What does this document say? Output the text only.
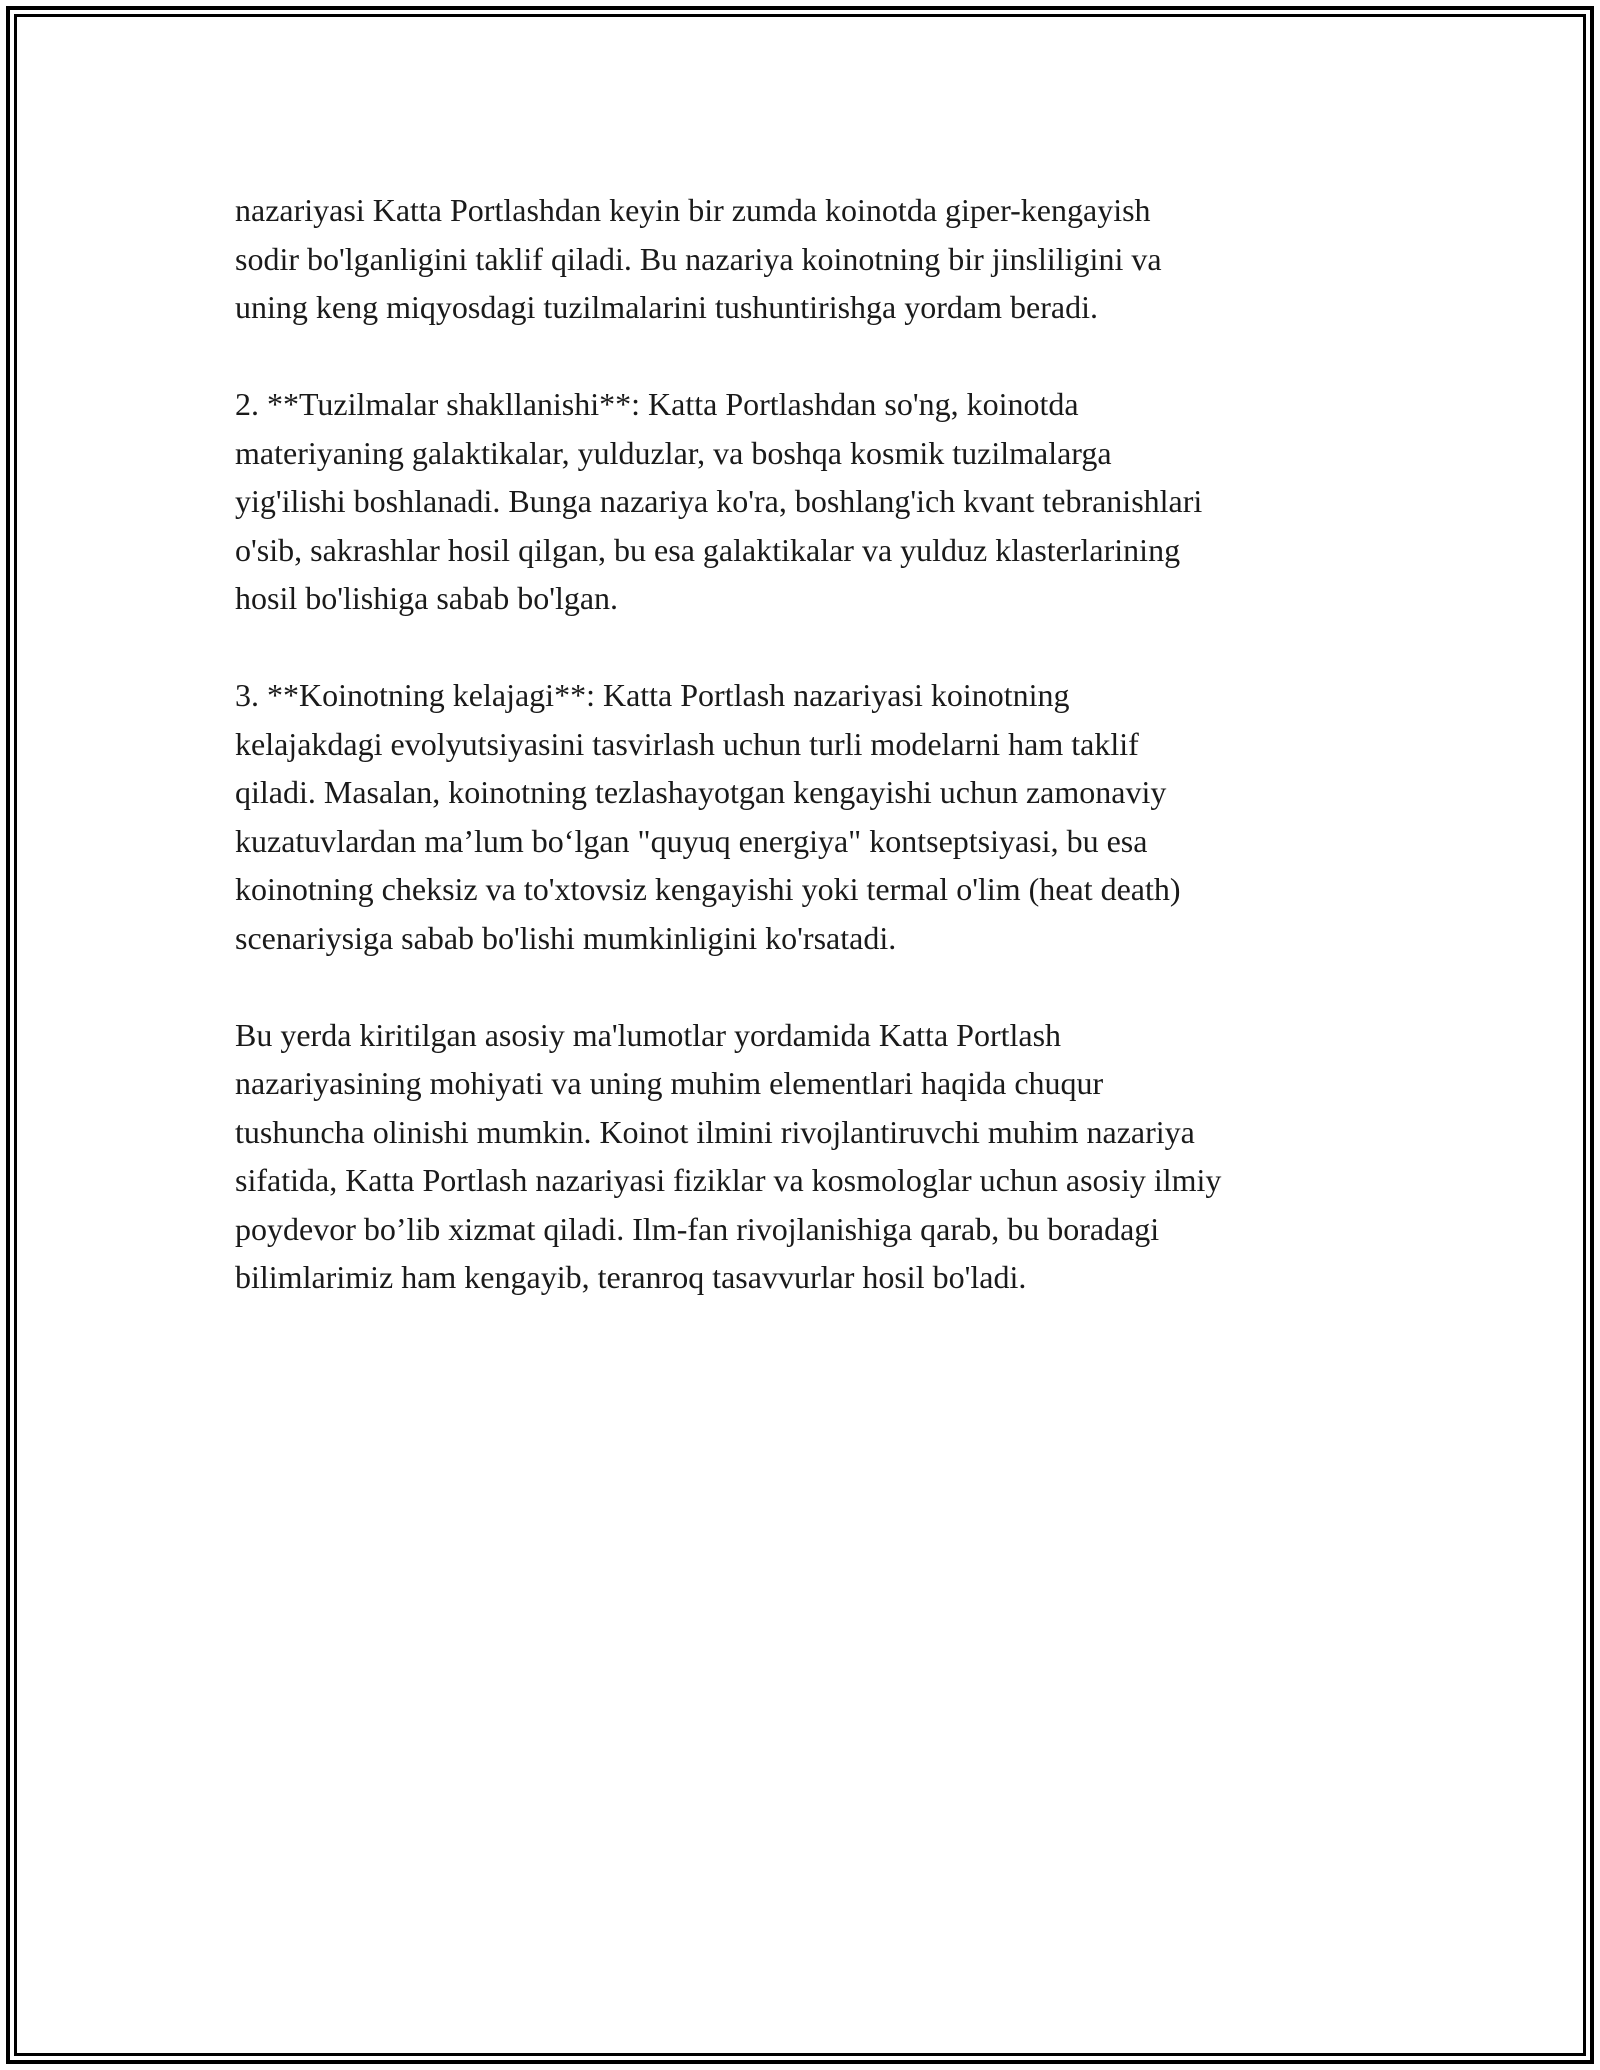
nazariyasi Katta Portlashdan keyin bir zumda koinotda giper-kengayish
sodir bo'lganligini taklif qiladi. Bu nazariya koinotning bir jinsliligini va
uning keng miqyosdagi tuzilmalarini tushuntirishga yordam beradi.

2. **Tuzilmalar shakllanishi**: Katta Portlashdan so'ng, koinotda
materiyaning galaktikalar, yulduzlar, va boshqa kosmik tuzilmalarga
yig'ilishi boshlanadi. Bunga nazariya ko'ra, boshlang'ich kvant tebranishlari
o'sib, sakrashlar hosil qilgan, bu esa galaktikalar va yulduz klasterlarining
hosil bo'lishiga sabab bo'lgan.

3. **Koinotning kelajagi**: Katta Portlash nazariyasi koinotning
kelajakdagi evolyutsiyasini tasvirlash uchun turli modelarni ham taklif
qiladi. Masalan, koinotning tezlashayotgan kengayishi uchun zamonaviy
kuzatuvlardan ma’lum bo‘lgan "quyuq energiya" kontseptsiyasi, bu esa
koinotning cheksiz va to'xtovsiz kengayishi yoki termal o'lim (heat death)
scenariysiga sabab bo'lishi mumkinligini ko'rsatadi.

Bu yerda kiritilgan asosiy ma'lumotlar yordamida Katta Portlash
nazariyasining mohiyati va uning muhim elementlari haqida chuqur
tushuncha olinishi mumkin. Koinot ilmini rivojlantiruvchi muhim nazariya
sifatida, Katta Portlash nazariyasi fiziklar va kosmologlar uchun asosiy ilmiy
poydevor bo’lib xizmat qiladi. Ilm-fan rivojlanishiga qarab, bu boradagi
bilimlarimiz ham kengayib, teranroq tasavvurlar hosil bo'ladi.
